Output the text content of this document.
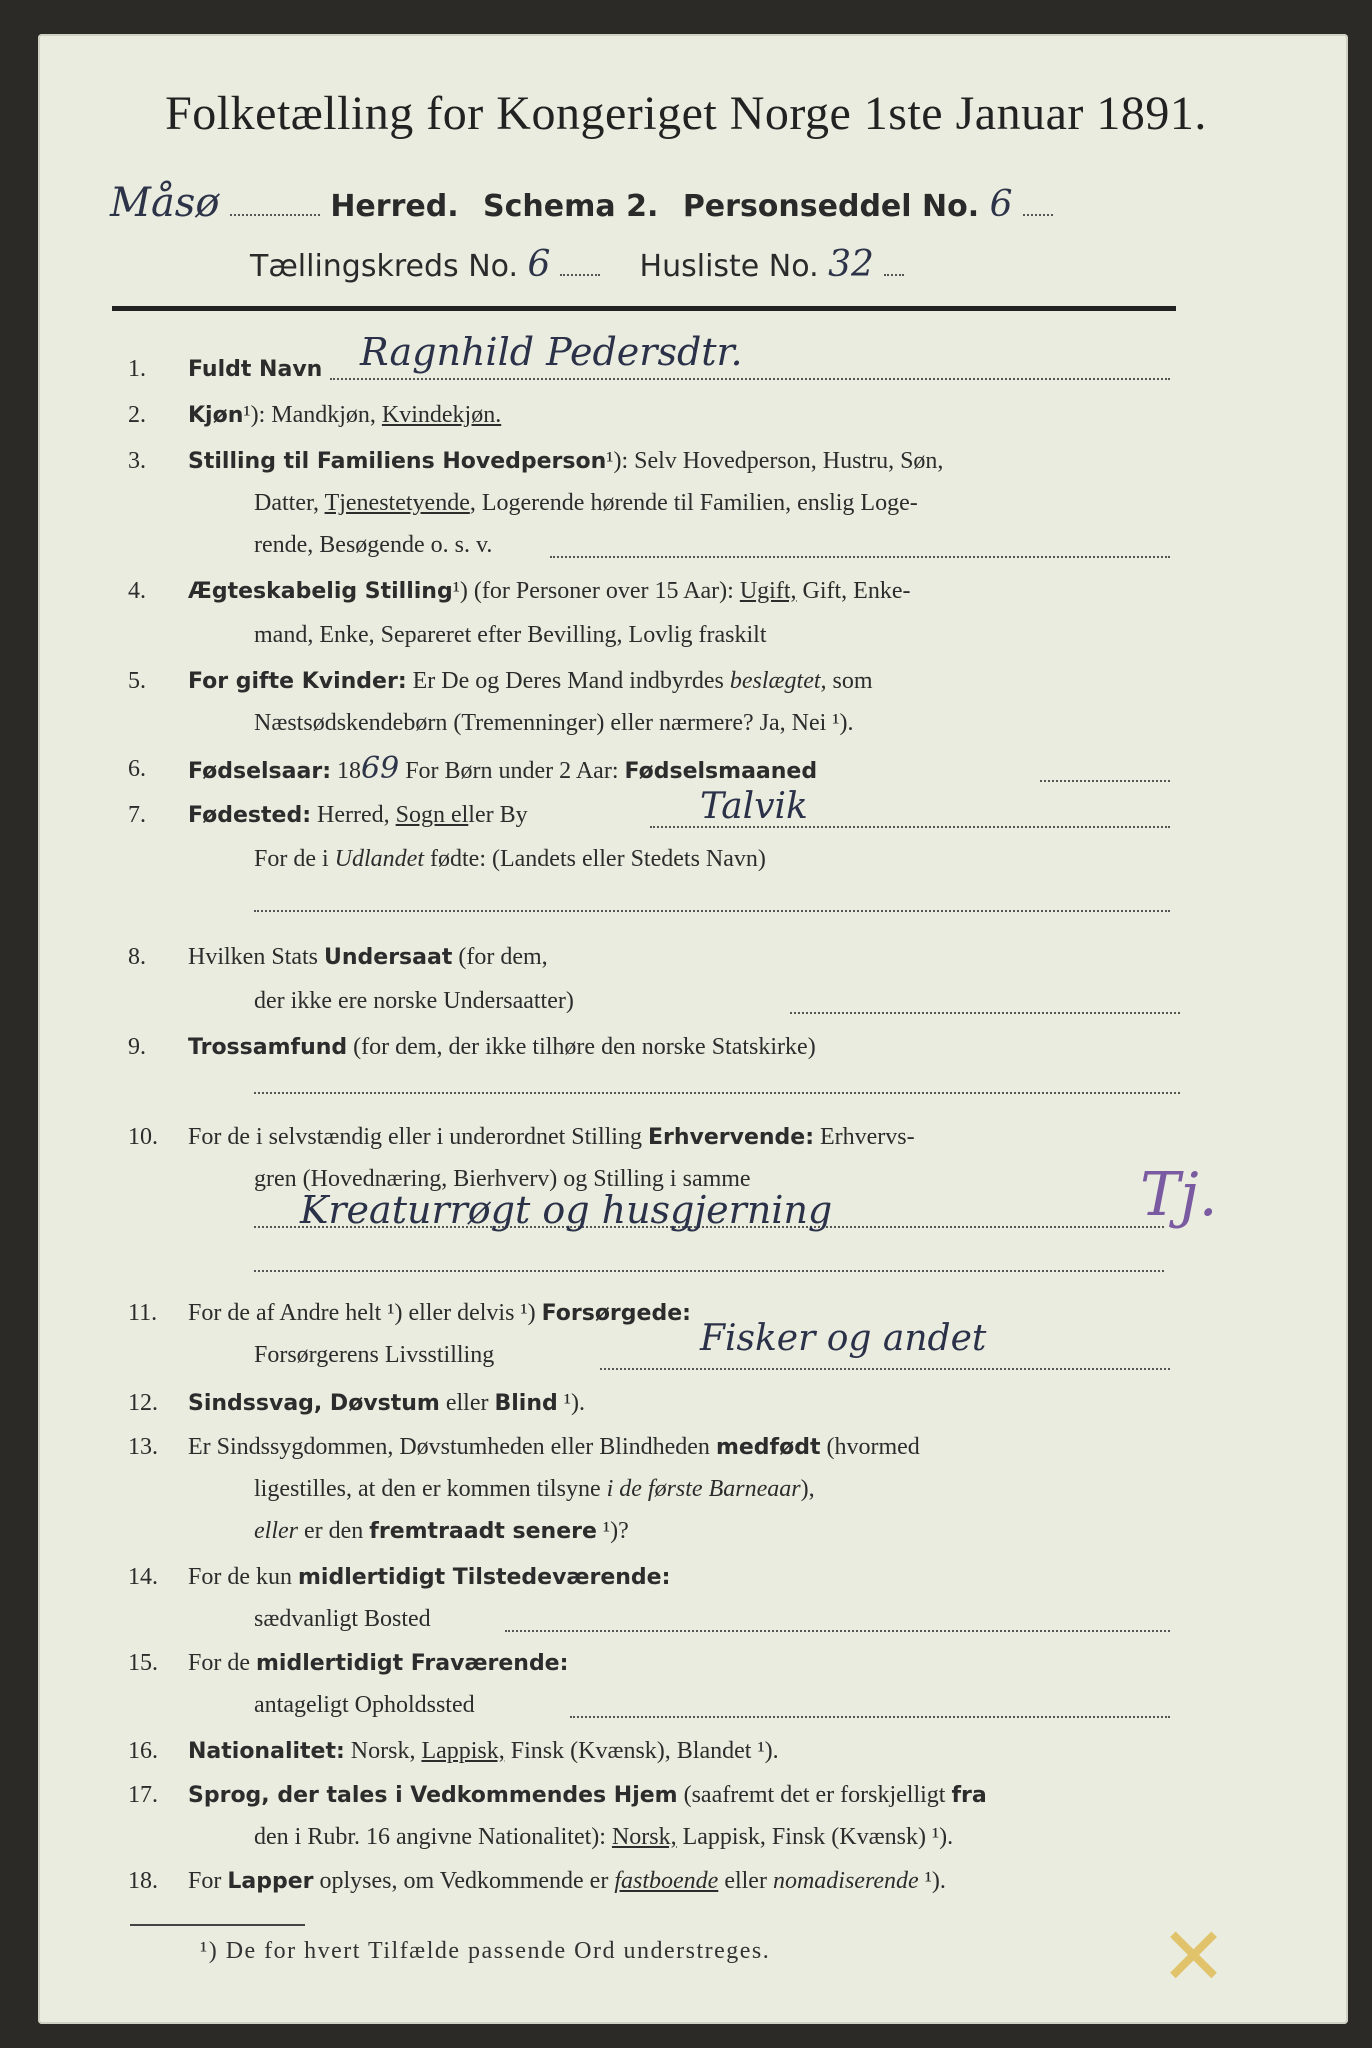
Folketælling for Kongeriget Norge 1ste Januar 1891.
Måsø	Herred. Schema 2. Personseddel No. 6
Tællingskreds No. 6	Husliste No. 32
1.	Fuldt Navn Ragnhild Pedersdtr.
2.	Kjøn¹): Mandkjøn, Kvindekjøn.
3.	Stilling til Familiens Hovedperson¹): Selv Hovedperson, Hustru, Søn,
Datter, Tjenestetyende, Logerende hørende til Familien, enslig Loge-
rende, Besøgende o. s. v.
4.	Ægteskabelig Stilling¹) (for Personer over 15 Aar): Ugift, Gift, Enke-
mand, Enke, Separeret efter Bevilling, Lovlig fraskilt
5.	For gifte Kvinder: Er De og Deres Mand indbyrdes beslægtet, som
Næstsødskendebørn (Tremenninger) eller nærmere? Ja, Nei ¹).
6.	Fødselsaar: 1869 For Børn under 2 Aar: Fødselsmaaned
7.	Fødested: Herred, Sogn eller By	Talvik
For de i Udlandet fødte: (Landets eller Stedets Navn)
8.	Hvilken Stats Undersaat (for dem,
der ikke ere norske Undersaatter)
9.	Trossamfund (for dem, der ikke tilhøre den norske Statskirke)
10.	For de i selvstændig eller i underordnet Stilling Erhvervende: Erhvervs-
gren (Hovednæring, Bierhverv) og Stilling i samme
Kreaturrøgt og husgjerning	Tj.
11.	For de af Andre helt ¹) eller delvis ¹) Forsørgede:
Forsørgerens Livsstilling	Fisker og andet
12.	Sindssvag, Døvstum eller Blind ¹).
13.	Er Sindssygdommen, Døvstumheden eller Blindheden medfødt (hvormed
ligestilles, at den er kommen tilsyne i de første Barneaar),
eller er den fremtraadt senere ¹)?
14.	For de kun midlertidigt Tilstedeværende:
sædvanligt Bosted
15.	For de midlertidigt Fraværende:
antageligt Opholdssted
16.	Nationalitet: Norsk, Lappisk, Finsk (Kvænsk), Blandet ¹).
17.	Sprog, der tales i Vedkommendes Hjem (saafremt det er forskjelligt fra
den i Rubr. 16 angivne Nationalitet): Norsk, Lappisk, Finsk (Kvænsk) ¹).
18.	For Lapper oplyses, om Vedkommende er fastboende eller nomadiserende ¹).
¹) De for hvert Tilfælde passende Ord understreges.	✕
